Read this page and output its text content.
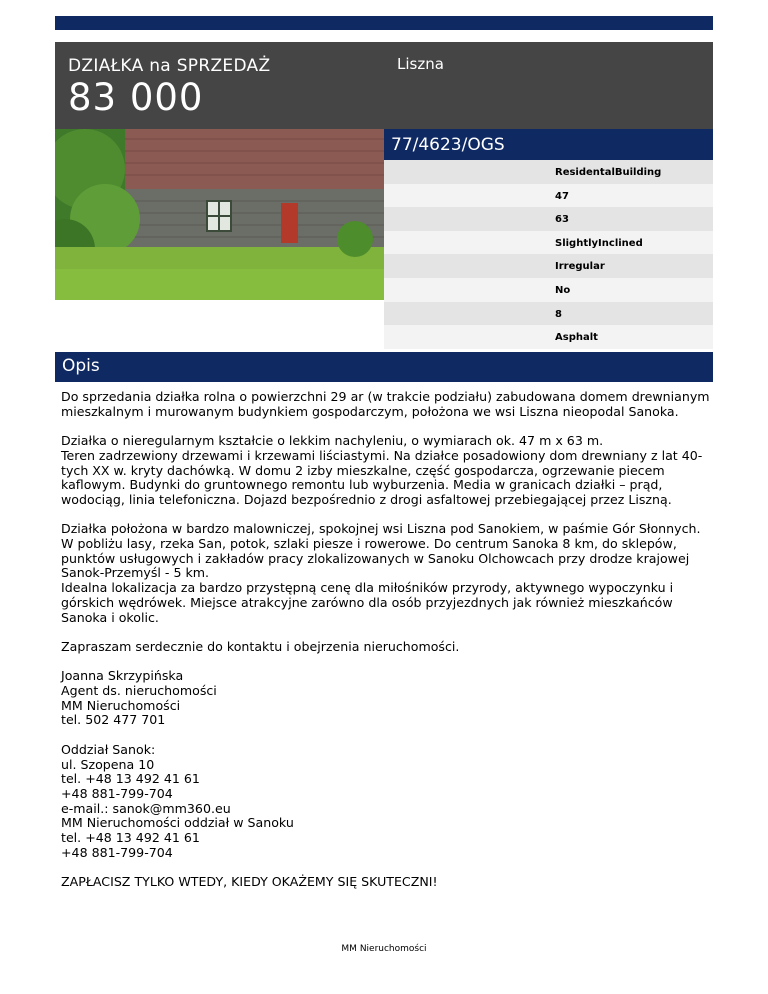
DZIAŁKA na SPRZEDAŻ
83 000
Liszna
77/4623/OGS
ResidentalBuilding
47
63
SlightlyInclined
Irregular
No
8
Asphalt
Opis

Do sprzedania działka rolna o powierzchni 29 ar (w trakcie podziału) zabudowana domem drewnianym mieszkalnym i murowanym budynkiem gospodarczym, położona we wsi Liszna nieopodal Sanoka.

Działka o nieregularnym kształcie o lekkim nachyleniu, o wymiarach ok. 47 m x 63 m.
Teren zadrzewiony drzewami i krzewami liściastymi. Na działce posadowiony dom drewniany z lat 40-tych XX w. kryty dachówką. W domu 2 izby mieszkalne, część gospodarcza, ogrzewanie piecem kaflowym. Budynki do gruntownego remontu lub wyburzenia. Media w granicach działki – prąd, wodociąg, linia telefoniczna. Dojazd bezpośrednio z drogi asfaltowej przebiegającej przez Liszną.

Działka położona w bardzo malowniczej, spokojnej wsi Liszna pod Sanokiem, w paśmie Gór Słonnych. W pobliżu lasy, rzeka San, potok, szlaki piesze i rowerowe. Do centrum Sanoka 8 km, do sklepów, punktów usługowych i zakładów pracy zlokalizowanych w Sanoku Olchowcach przy drodze krajowej Sanok-Przemyśl - 5 km.
Idealna lokalizacja za bardzo przystępną cenę dla miłośników przyrody, aktywnego wypoczynku i górskich wędrówek. Miejsce atrakcyjne zarówno dla osób przyjezdnych jak również mieszkańców Sanoka i okolic.

Zapraszam serdecznie do kontaktu i obejrzenia nieruchomości.

Joanna Skrzypińska
Agent ds. nieruchomości
MM Nieruchomości
tel. 502 477 701

Oddział Sanok:
ul. Szopena 10
tel. +48 13 492 41 61
+48 881-799-704
e-mail.: sanok@mm360.eu
MM Nieruchomości oddział w Sanoku
tel. +48 13 492 41 61
+48 881-799-704

ZAPŁACISZ TYLKO WTEDY, KIEDY OKAŻEMY SIĘ SKUTECZNI!

MM Nieruchomości
